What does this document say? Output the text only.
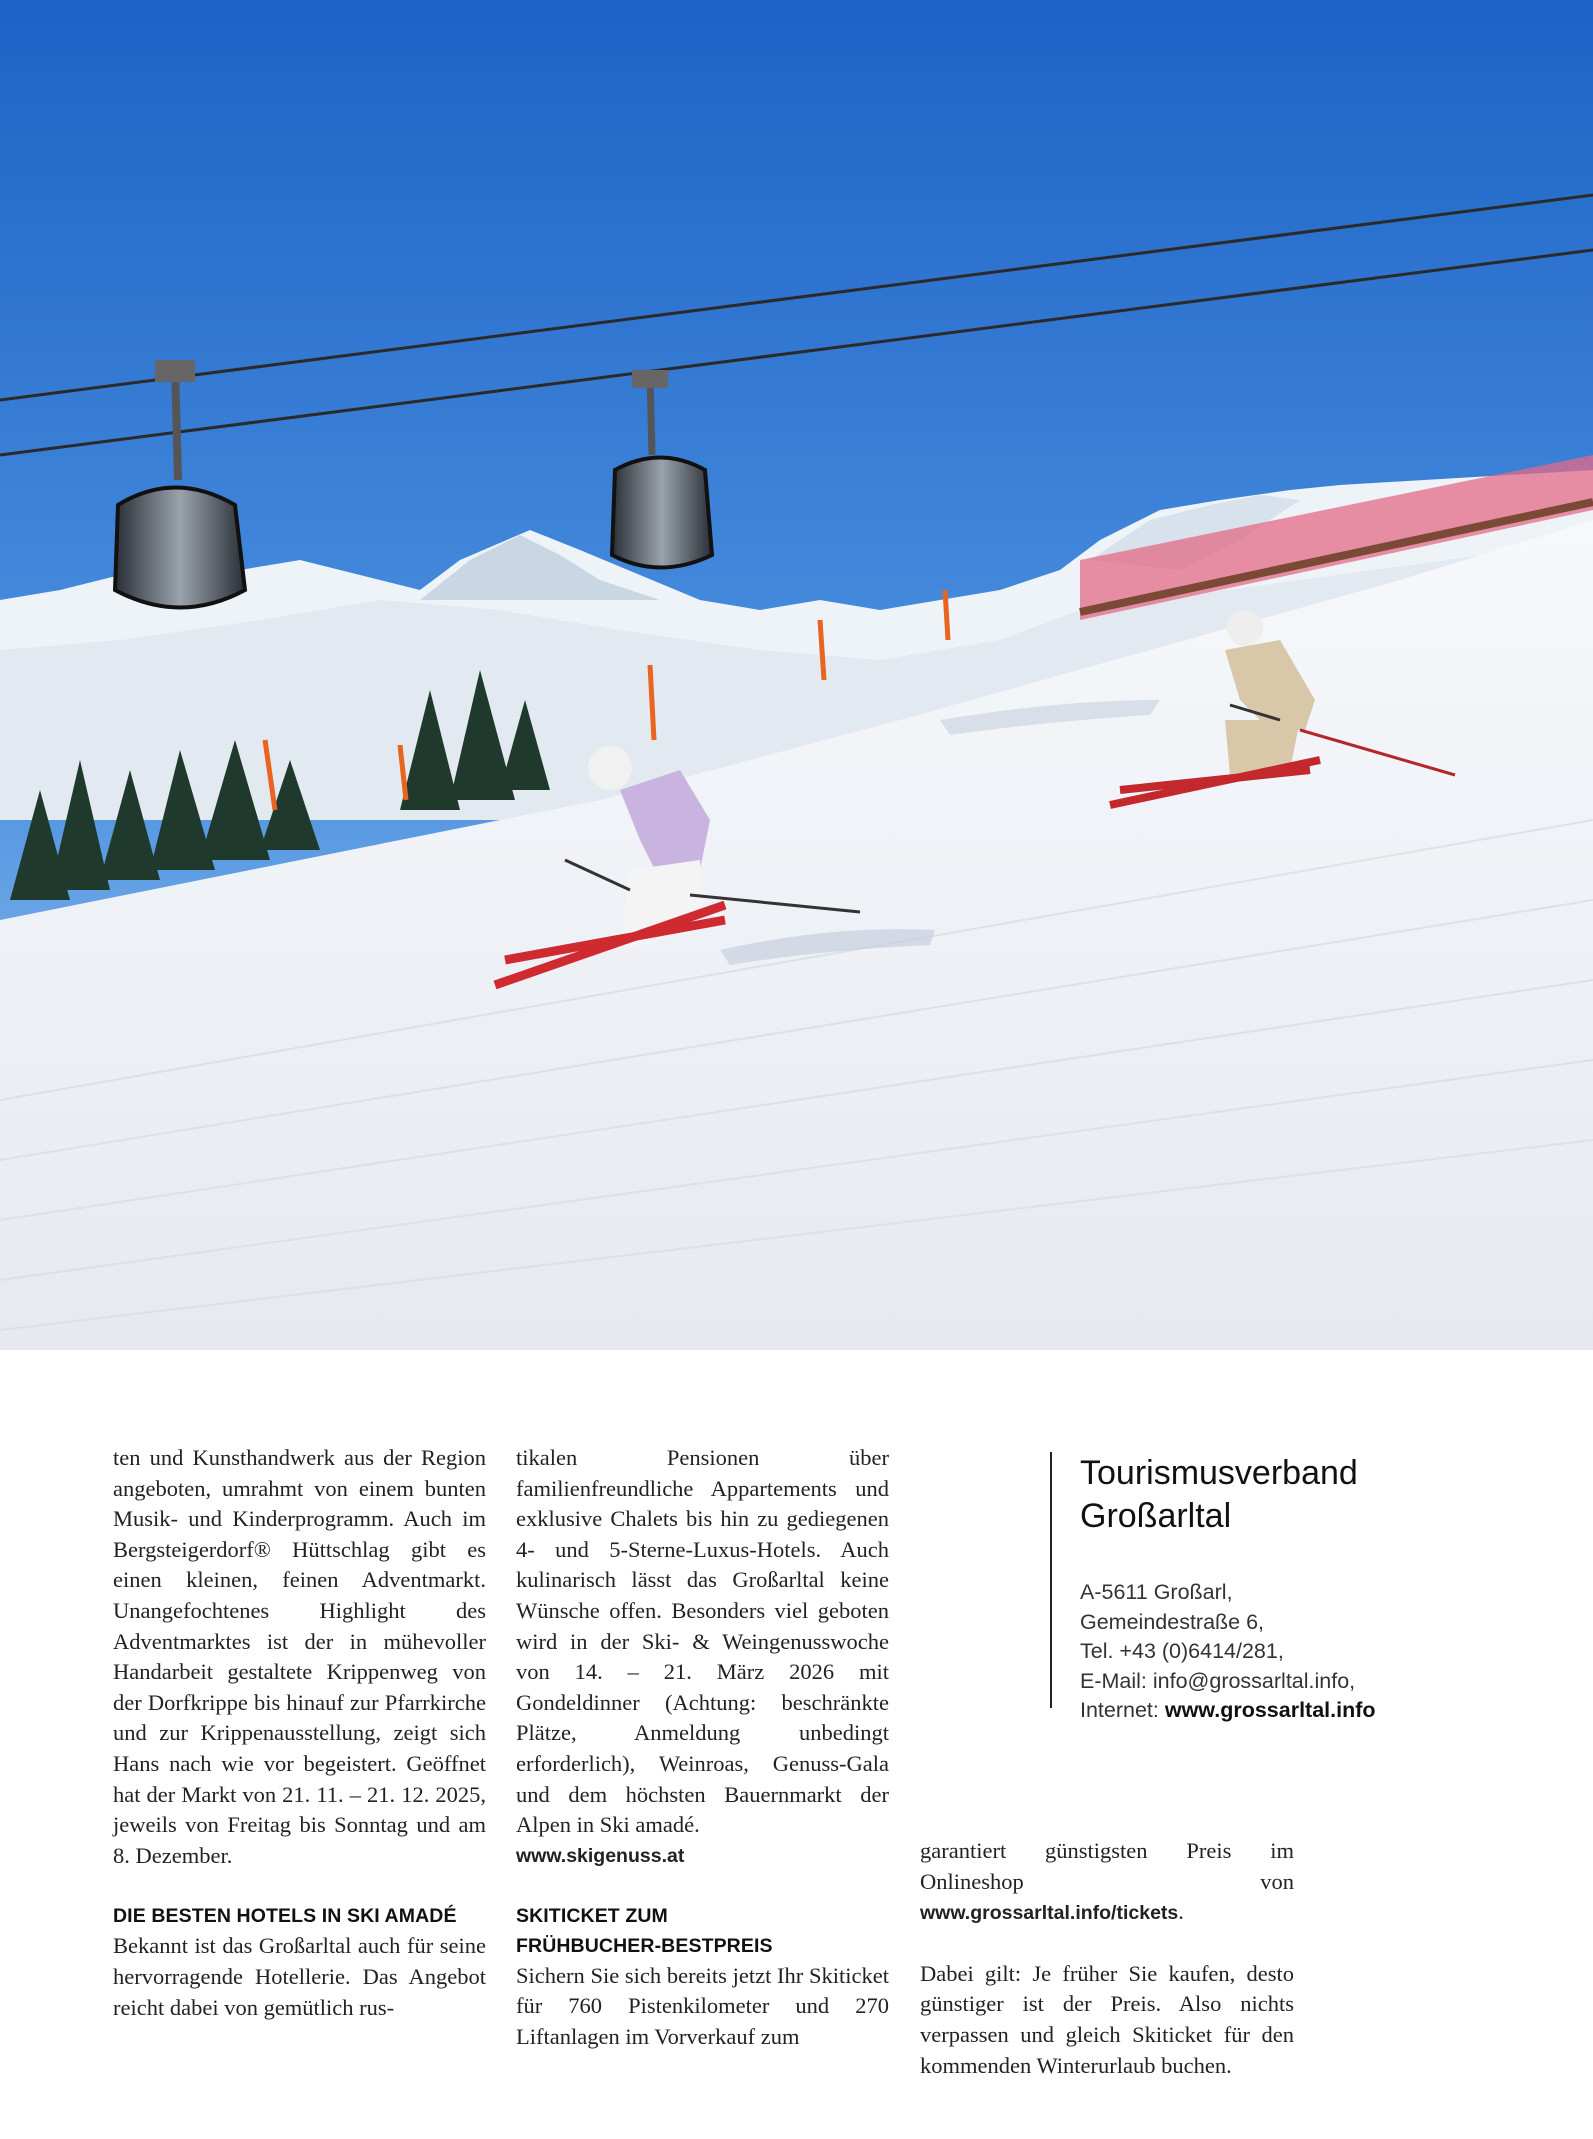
ten und Kunsthandwerk aus der Region angeboten, umrahmt von einem bunten Musik- und Kinderprogramm. Auch im Bergsteigerdorf® Hüttschlag gibt es einen kleinen, feinen Adventmarkt. Unangefochtenes Highlight des Adventmarktes ist der in mühevoller Handarbeit gestaltete Krippenweg von der Dorfkrippe bis hinauf zur Pfarrkirche und zur Krippenausstellung, zeigt sich Hans nach wie vor begeistert. Geöffnet hat der Markt von 21. 11. – 21. 12. 2025, jeweils von Freitag bis Sonntag und am 8. Dezember.

DIE BESTEN HOTELS IN SKI AMADÉ

Bekannt ist das Großarltal auch für seine hervorragende Hotellerie. Das Angebot reicht dabei von gemütlich rus-

tikalen Pensionen über familienfreundliche Appartements und exklusive Chalets bis hin zu gediegenen 4- und 5-Sterne-Luxus-Hotels. Auch kulinarisch lässt das Großarltal keine Wünsche offen. Besonders viel geboten wird in der Ski- & Weingenusswoche von 14. – 21. März 2026 mit Gondeldinner (Achtung: beschränkte Plätze, Anmeldung unbedingt erforderlich), Weinroas, Genuss-Gala und dem höchsten Bauernmarkt der Alpen in Ski amadé.

www.skigenuss.at
SKITICKET ZUM
FRÜHBUCHER-BESTPREIS

Sichern Sie sich bereits jetzt Ihr Skiticket für 760 Pistenkilometer und 270 Liftanlagen im Vorverkauf zum

Tourismusverband
Großarltal
A-5611 Großarl,
Gemeindestraße 6,
Tel. +43 (0)6414/281,
E-Mail: info@grossarltal.info,
Internet: www.grossarltal.info

garantiert günstigsten Preis im Onlineshop von www.grossarltal.info/tickets.

Dabei gilt: Je früher Sie kaufen, desto günstiger ist der Preis. Also nichts verpassen und gleich Skiticket für den kommenden Winterurlaub buchen.
